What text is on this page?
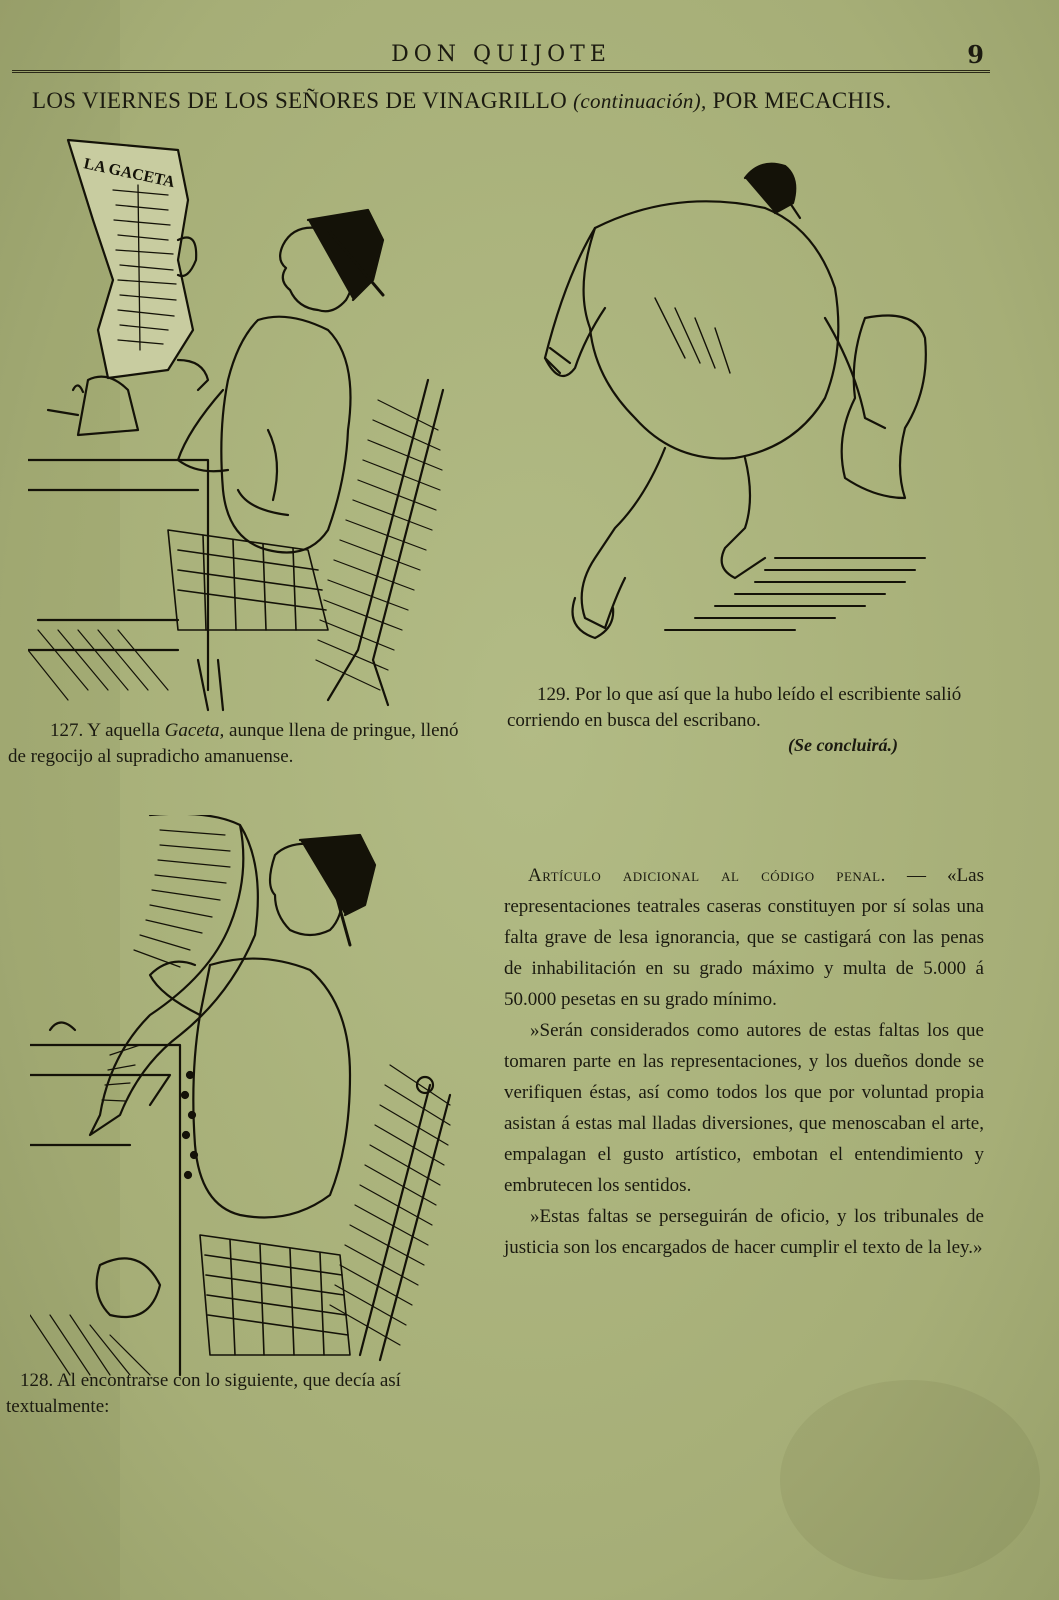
DON QUIJOTE	9
LOS VIERNES DE LOS SEÑORES DE VINAGRILLO (continuación), POR MECACHIS.
LA GACETA
127. Y aquella Gaceta, aunque llena de pringue, llenó de regocijo al supradicho amanuense.
129. Por lo que así que la hubo leído el escribiente salió corriendo en busca del escribano.
(Se concluirá.)
128. Al encontrarse con lo siguiente, que decía así textualmente:

Artículo adicional al código penal. — «Las representaciones teatrales caseras constituyen por sí solas una falta grave de lesa ignorancia, que se castigará con las penas de inhabilitación en su grado máximo y multa de 5.000 á 50.000 pesetas en su grado mínimo.

»Serán considerados como autores de estas faltas los que tomaren parte en las representaciones, y los dueños donde se verifiquen éstas, así como todos los que por voluntad propia asistan á estas mal lladas diversiones, que menoscaban el arte, empalagan el gusto artístico, embotan el entendimiento y embrutecen los sentidos.

»Estas faltas se perseguirán de oficio, y los tribunales de justicia son los encargados de hacer cumplir el texto de la ley.»
